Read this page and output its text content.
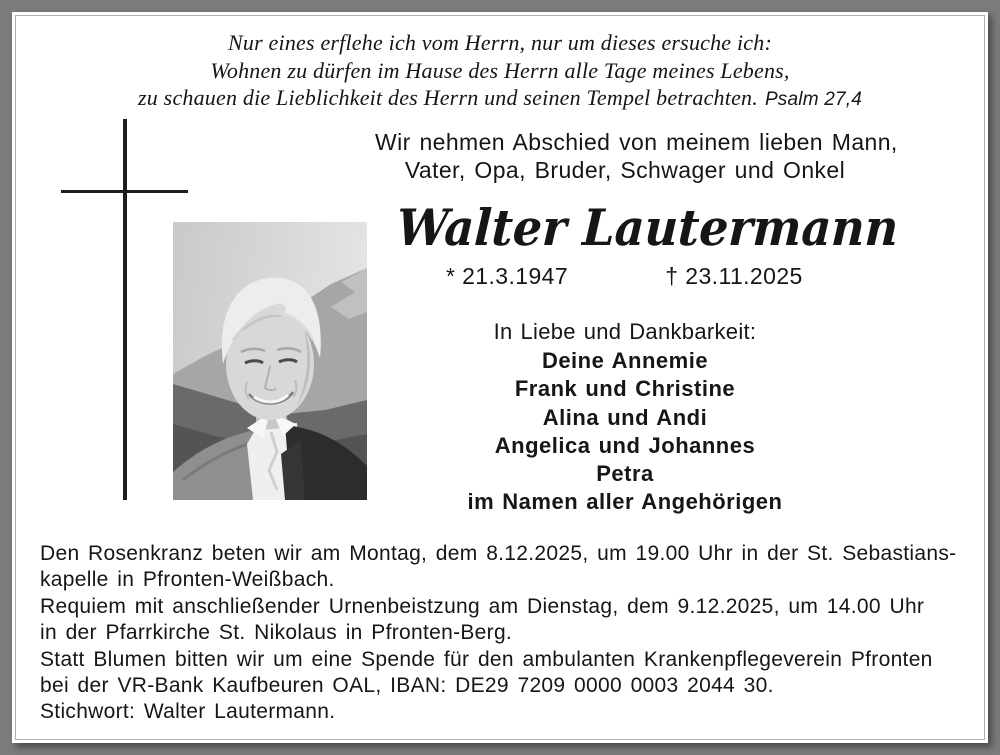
Nur eines erflehe ich vom Herrn, nur um dieses ersuche ich:
Wohnen zu dürfen im Hause des Herrn alle Tage meines Lebens,
zu schauen die Lieblichkeit des Herrn und seinen Tempel betrachten. Psalm 27,4
Wir nehmen Abschied von meinem lieben Mann,
Vater, Opa, Bruder, Schwager und Onkel
Walter Lautermann
* 21.3.1947	† 23.11.2025
In Liebe und Dankbarkeit:
Deine Annemie
Frank und Christine
Alina und Andi
Angelica und Johannes
Petra
im Namen aller Angehörigen
Den Rosenkranz beten wir am Montag, dem 8.12.2025, um 19.00 Uhr in der St. Sebastians-
kapelle in Pfronten-Weißbach.
Requiem mit anschließender Urnenbeistzung am Dienstag, dem 9.12.2025, um 14.00 Uhr
in der Pfarrkirche St. Nikolaus in Pfronten-Berg.
Statt Blumen bitten wir um eine Spende für den ambulanten Krankenpflegeverein Pfronten
bei der VR-Bank Kaufbeuren OAL, IBAN: DE29 7209 0000 0003 2044 30.
Stichwort: Walter Lautermann.
